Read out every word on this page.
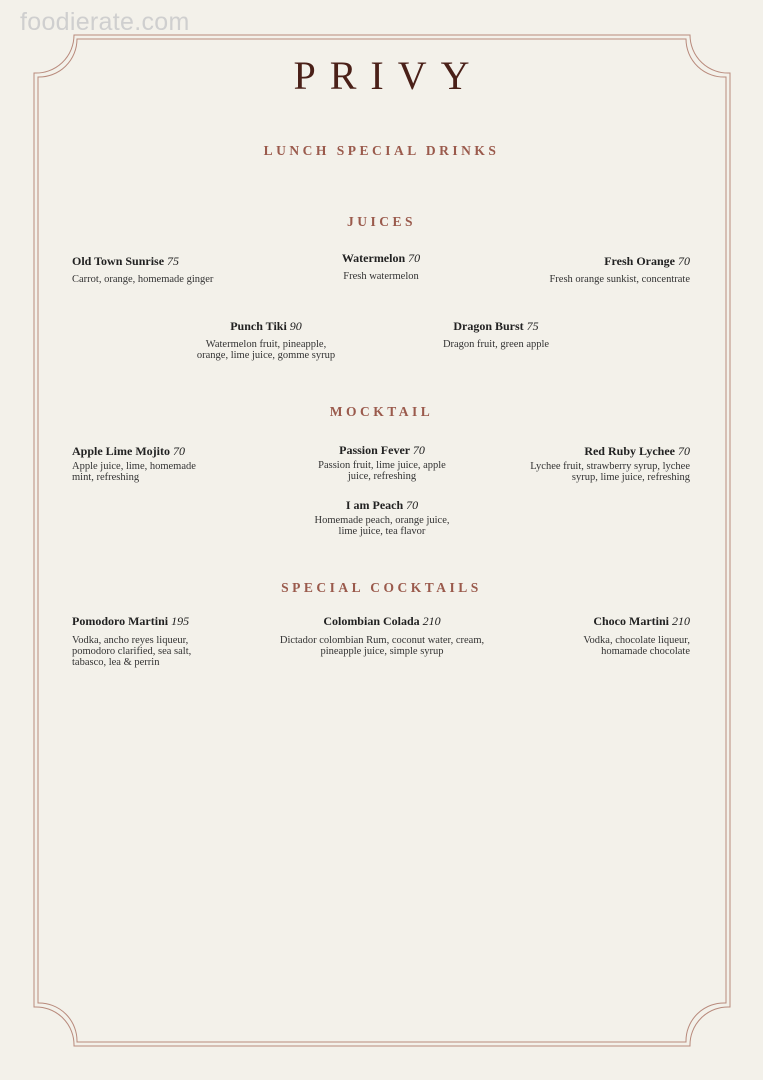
foodierate.com
PRIVY
LUNCH SPECIAL DRINKS
JUICES
Old Town Sunrise 75
Carrot, orange, homemade ginger
Watermelon 70
Fresh watermelon
Fresh Orange 70
Fresh orange sunkist, concentrate
Punch Tiki 90
Watermelon fruit, pineapple,
orange, lime juice, gomme syrup
Dragon Burst 75
Dragon fruit, green apple
MOCKTAIL
Apple Lime Mojito 70
Apple juice, lime, homemade
mint, refreshing
Passion Fever 70
Passion fruit, lime juice, apple
juice, refreshing
Red Ruby Lychee 70
Lychee fruit, strawberry syrup, lychee
syrup, lime juice, refreshing
I am Peach 70
Homemade peach, orange juice,
lime juice, tea flavor
SPECIAL COCKTAILS
Pomodoro Martini 195
Vodka, ancho reyes liqueur,
pomodoro clarified, sea salt,
tabasco, lea & perrin
Colombian Colada 210
Dictador colombian Rum, coconut water, cream,
pineapple juice, simple syrup
Choco Martini 210
Vodka, chocolate liqueur,
homamade chocolate
